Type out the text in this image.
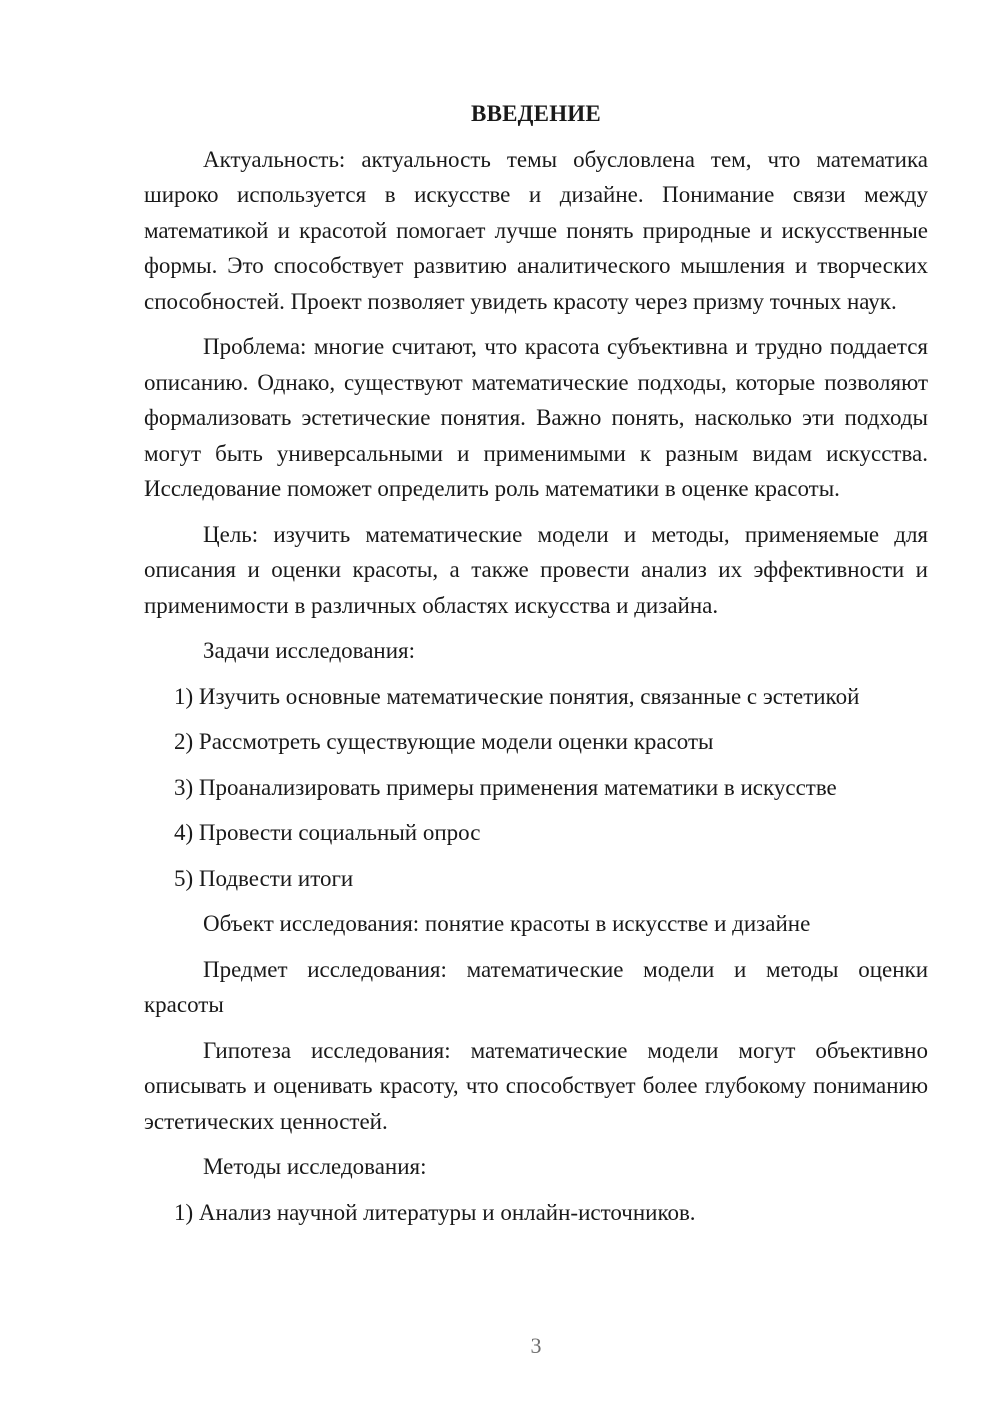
ВВЕДЕНИЕ

Актуальность: актуальность темы обусловлена тем, что математика широко используется в искусстве и дизайне. Понимание связи между математикой и красотой помогает лучше понять природные и искусственные формы. Это способствует развитию аналитического мышления и творческих способностей. Проект позволяет увидеть красоту через призму точных наук.

Проблема: многие считают, что красота субъективна и трудно поддается описанию. Однако, существуют математические подходы, которые позволяют формализовать эстетические понятия. Важно понять, насколько эти подходы могут быть универсальными и применимыми к разным видам искусства. Исследование поможет определить роль математики в оценке красоты.

Цель: изучить математические модели и методы, применяемые для описания и оценки красоты, а также провести анализ их эффективности и применимости в различных областях искусства и дизайна.

Задачи исследования:

1) Изучить основные математические понятия, связанные с эстетикой
2) Рассмотреть существующие модели оценки красоты
3) Проанализировать примеры применения математики в искусстве
4) Провести социальный опрос
5) Подвести итоги

Объект исследования: понятие красоты в искусстве и дизайне

Предмет исследования: математические модели и методы оценки красоты

Гипотеза исследования: математические модели могут объективно описывать и оценивать красоту, что способствует более глубокому пониманию эстетических ценностей.

Методы исследования:

1) Анализ научной литературы и онлайн-источников.
3
